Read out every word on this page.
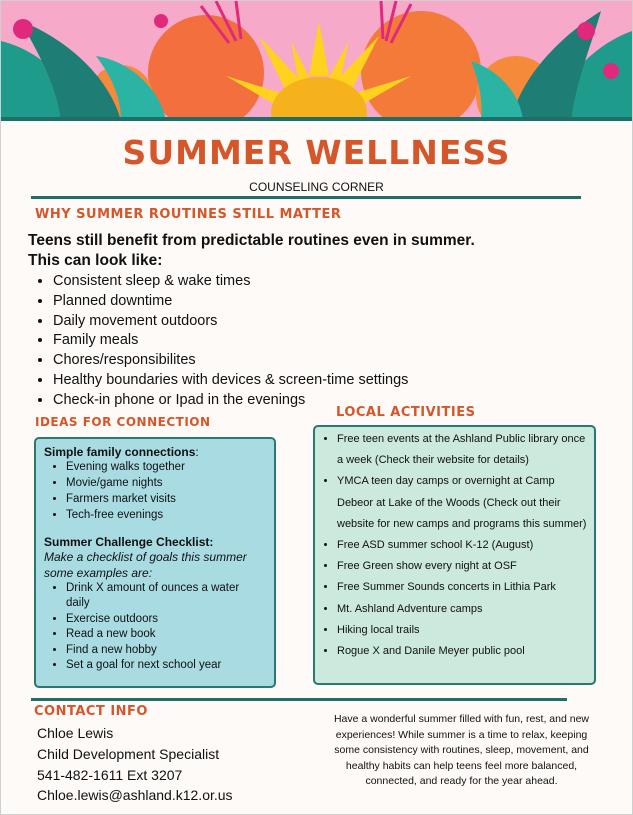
SUMMER WELLNESS
COUNSELING CORNER
WHY SUMMER ROUTINES STILL MATTER
Teens still benefit from predictable routines even in summer.
This can look like:
• Consistent sleep & wake times
• Planned downtime
• Daily movement outdoors
• Family meals
• Chores/responsibilites
• Healthy boundaries with devices & screen-time settings
• Check-in phone or Ipad in the evenings
IDEAS FOR CONNECTION
LOCAL ACTIVITIES

Simple family connections:

• Evening walks together
• Movie/game nights
• Farmers market visits
• Tech-free evenings

Summer Challenge Checklist:

Make a checklist of goals this summer some examples are:
• Drink X amount of ounces a water daily
• Exercise outdoors
• Read a new book
• Find a new hobby
• Set a goal for next school year
• Free teen events at the Ashland Public library once a week (Check their website for details)
• YMCA teen day camps or overnight at Camp Debeor at Lake of the Woods (Check out their website for new camps and programs this summer)
• Free ASD summer school K-12 (August)
• Free Green show every night at OSF
• Free Summer Sounds concerts in Lithia Park
• Mt. Ashland Adventure camps
• Hiking local trails
• Rogue X and Danile Meyer public pool
CONTACT INFO
Chloe Lewis
Child Development Specialist
541-482-1611 Ext 3207
Chloe.lewis@ashland.k12.or.us
Have a wonderful summer filled with fun, rest, and new experiences! While summer is a time to relax, keeping some consistency with routines, sleep, movement, and healthy habits can help teens feel more balanced, connected, and ready for the year ahead.
